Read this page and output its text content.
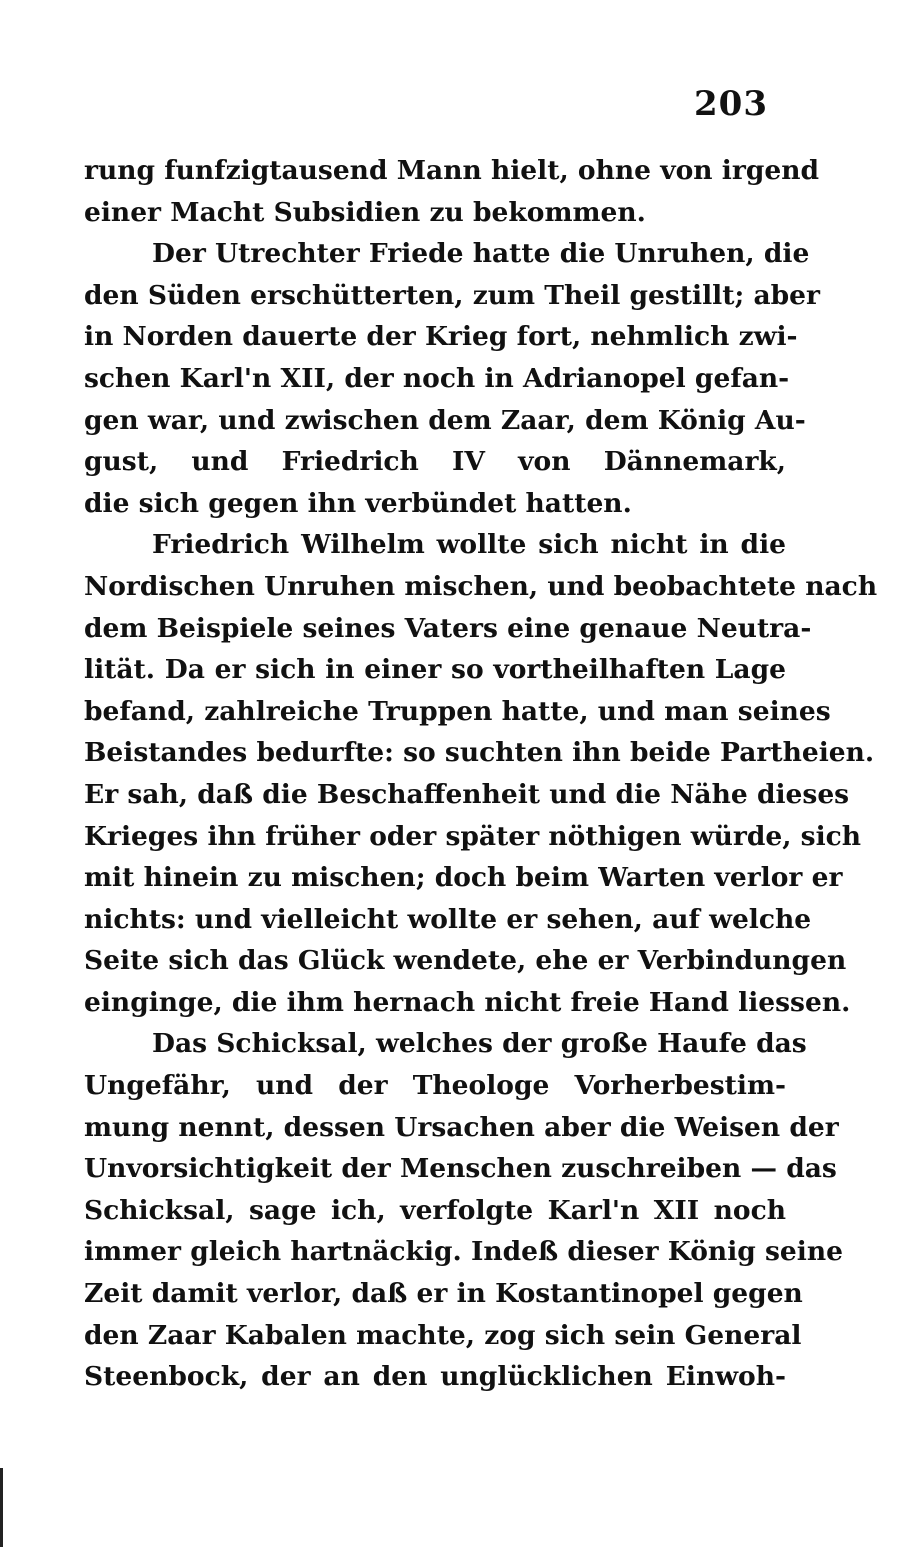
203
rung funfzigtausend Mann hielt, ohne von irgend
einer Macht Subsidien zu bekommen.
Der Utrechter Friede hatte die Unruhen, die
den Süden erschütterten, zum Theil gestillt; aber
in Norden dauerte der Krieg fort, nehmlich zwi-
schen Karl'n XII, der noch in Adrianopel gefan-
gen war, und zwischen dem Zaar, dem König Au-
gust, und Friedrich IV von Dännemark,
die sich gegen ihn verbündet hatten.
Friedrich Wilhelm wollte sich nicht in die
Nordischen Unruhen mischen, und beobachtete nach
dem Beispiele seines Vaters eine genaue Neutra-
lität. Da er sich in einer so vortheilhaften Lage
befand, zahlreiche Truppen hatte, und man seines
Beistandes bedurfte: so suchten ihn beide Partheien.
Er sah, daß die Beschaffenheit und die Nähe dieses
Krieges ihn früher oder später nöthigen würde, sich
mit hinein zu mischen; doch beim Warten verlor er
nichts: und vielleicht wollte er sehen, auf welche
Seite sich das Glück wendete, ehe er Verbindungen
einginge, die ihm hernach nicht freie Hand liessen.
Das Schicksal, welches der große Haufe das
Ungefähr, und der Theologe Vorherbestim-
mung nennt, dessen Ursachen aber die Weisen der
Unvorsichtigkeit der Menschen zuschreiben — das
Schicksal, sage ich, verfolgte Karl'n XII noch
immer gleich hartnäckig. Indeß dieser König seine
Zeit damit verlor, daß er in Kostantinopel gegen
den Zaar Kabalen machte, zog sich sein General
Steenbock, der an den unglücklichen Einwoh-
